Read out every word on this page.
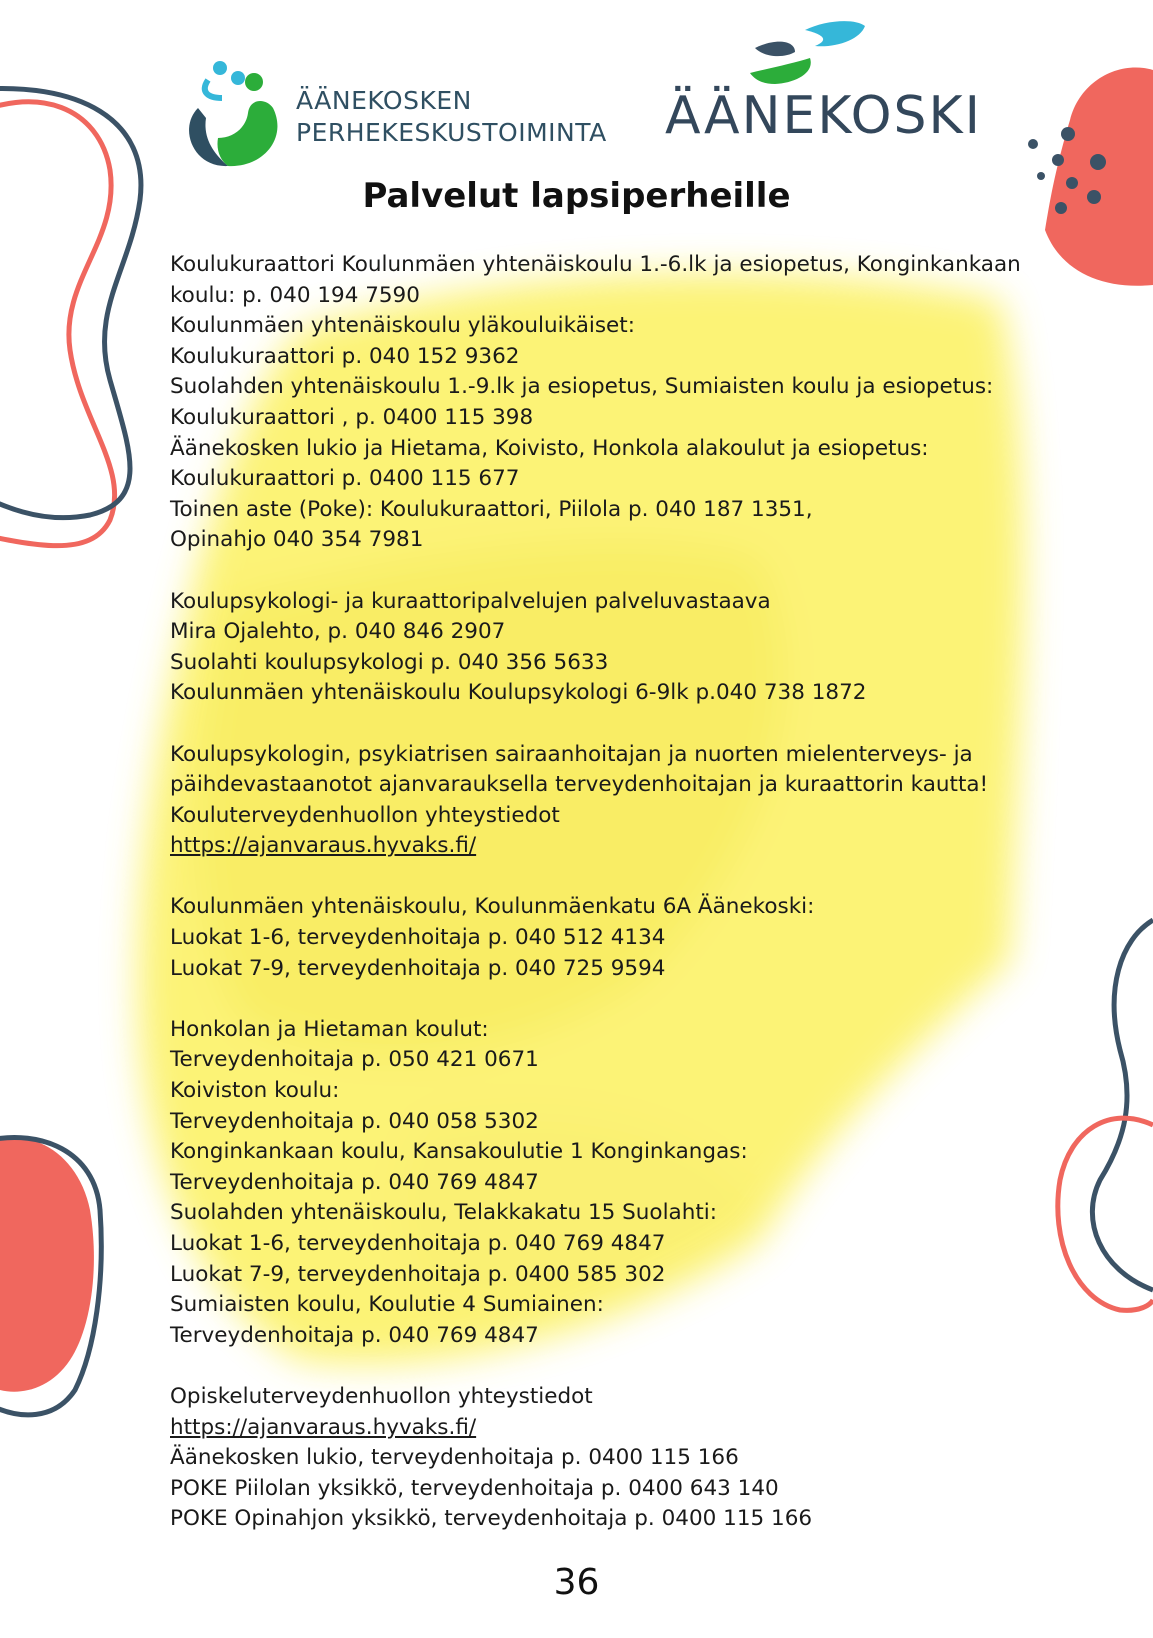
ÄÄNEKOSKEN
PERHEKESKUSTOIMINTA ÄÄNEKOSKI
Palvelut lapsiperheille
Koulukuraattori Koulunmäen yhtenäiskoulu 1.-6.lk ja esiopetus, Konginkankaan
koulu: p. 040 194 7590
Koulunmäen yhtenäiskoulu yläkouluikäiset:
Koulukuraattori p. 040 152 9362
Suolahden yhtenäiskoulu 1.-9.lk ja esiopetus, Sumiaisten koulu ja esiopetus:
Koulukuraattori , p. 0400 115 398
Äänekosken lukio ja Hietama, Koivisto, Honkola alakoulut ja esiopetus:
Koulukuraattori p. 0400 115 677
Toinen aste (Poke): Koulukuraattori, Piilola p. 040 187 1351,
Opinahjo 040 354 7981
Koulupsykologi- ja kuraattoripalvelujen palveluvastaava
Mira Ojalehto, p. 040 846 2907
Suolahti koulupsykologi p. 040 356 5633
Koulunmäen yhtenäiskoulu Koulupsykologi 6-9lk p.040 738 1872
Koulupsykologin, psykiatrisen sairaanhoitajan ja nuorten mielenterveys- ja
päihdevastaanotot ajanvarauksella terveydenhoitajan ja kuraattorin kautta!
Kouluterveydenhuollon yhteystiedot
https://ajanvaraus.hyvaks.fi/
Koulunmäen yhtenäiskoulu, Koulunmäenkatu 6A Äänekoski:
Luokat 1-6, terveydenhoitaja p. 040 512 4134
Luokat 7-9, terveydenhoitaja p. 040 725 9594
Honkolan ja Hietaman koulut:
Terveydenhoitaja p. 050 421 0671
Koiviston koulu:
Terveydenhoitaja p. 040 058 5302
Konginkankaan koulu, Kansakoulutie 1 Konginkangas:
Terveydenhoitaja p. 040 769 4847
Suolahden yhtenäiskoulu, Telakkakatu 15 Suolahti:
Luokat 1-6, terveydenhoitaja p. 040 769 4847
Luokat 7-9, terveydenhoitaja p. 0400 585 302
Sumiaisten koulu, Koulutie 4 Sumiainen:
Terveydenhoitaja p. 040 769 4847
Opiskeluterveydenhuollon yhteystiedot
https://ajanvaraus.hyvaks.fi/
Äänekosken lukio, terveydenhoitaja p. 0400 115 166
POKE Piilolan yksikkö, terveydenhoitaja p. 0400 643 140
POKE Opinahjon yksikkö, terveydenhoitaja p. 0400 115 166
36
